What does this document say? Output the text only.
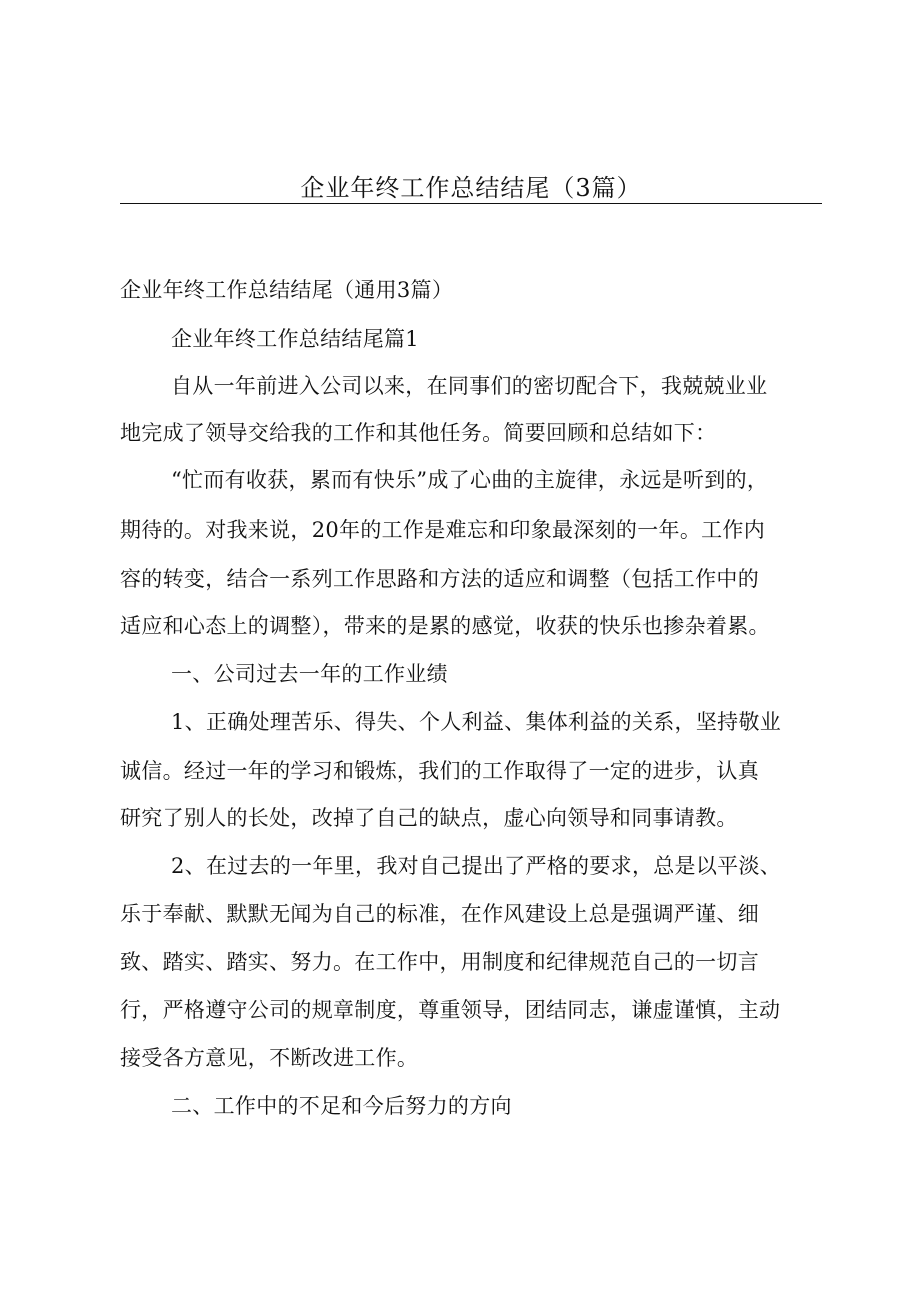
企业年终工作总结结尾（3篇）
企业年终工作总结结尾（通用3篇）
企业年终工作总结结尾篇1
自从一年前进入公司以来，在同事们的密切配合下，我兢兢业业
地完成了领导交给我的工作和其他任务。简要回顾和总结如下：
“忙而有收获，累而有快乐”成了心曲的主旋律，永远是听到的，
期待的。对我来说，20年的工作是难忘和印象最深刻的一年。工作内
容的转变，结合一系列工作思路和方法的适应和调整（包括工作中的
适应和心态上的调整），带来的是累的感觉，收获的快乐也掺杂着累。
一、公司过去一年的工作业绩
1、正确处理苦乐、得失、个人利益、集体利益的关系，坚持敬业
诚信。经过一年的学习和锻炼，我们的工作取得了一定的进步，认真
研究了别人的长处，改掉了自己的缺点，虚心向领导和同事请教。
2、在过去的一年里，我对自己提出了严格的要求，总是以平淡、
乐于奉献、默默无闻为自己的标准，在作风建设上总是强调严谨、细
致、踏实、踏实、努力。在工作中，用制度和纪律规范自己的一切言
行，严格遵守公司的规章制度，尊重领导，团结同志，谦虚谨慎，主动
接受各方意见，不断改进工作。
二、工作中的不足和今后努力的方向
